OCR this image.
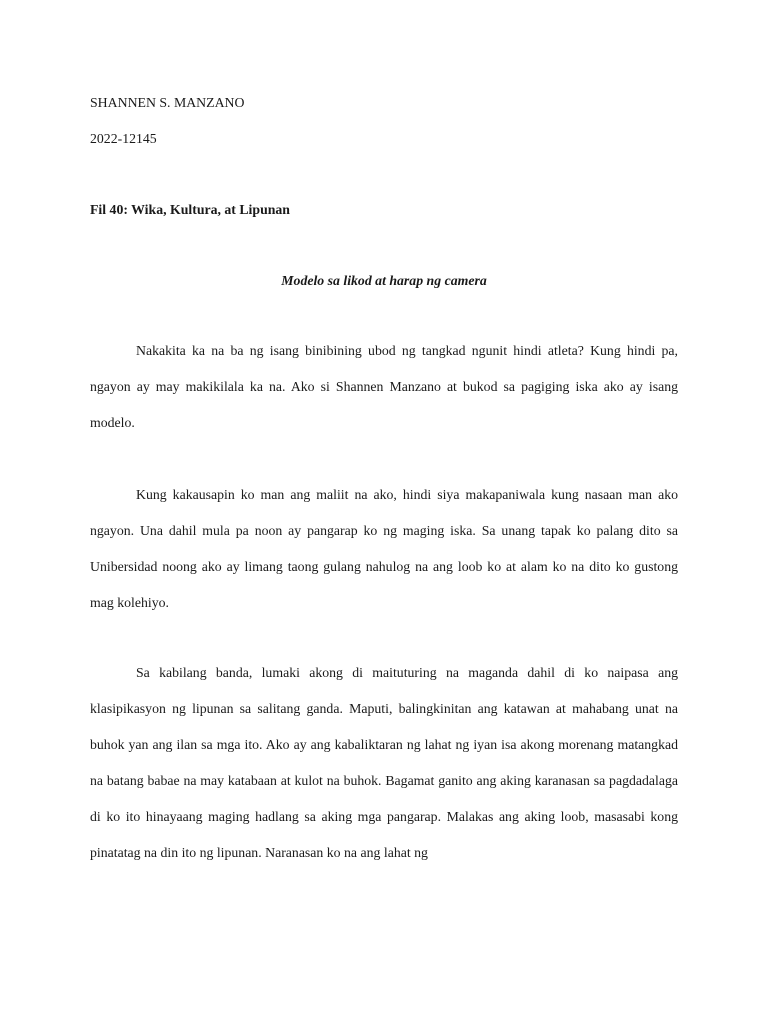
SHANNEN S. MANZANO

2022-12145

Fil 40: Wika, Kultura, at Lipunan

Modelo sa likod at harap ng camera

Nakakita ka na ba ng isang binibining ubod ng tangkad ngunit hindi atleta? Kung hindi pa, ngayon ay may makikilala ka na. Ako si Shannen Manzano at bukod sa pagiging iska ako ay isang modelo.

Kung kakausapin ko man ang maliit na ako, hindi siya makapaniwala kung nasaan man ako ngayon. Una dahil mula pa noon ay pangarap ko ng maging iska. Sa unang tapak ko palang dito sa Unibersidad noong ako ay limang taong gulang nahulog na ang loob ko at alam ko na dito ko gustong mag kolehiyo.

Sa kabilang banda, lumaki akong di maituturing na maganda dahil di ko naipasa ang klasipikasyon ng lipunan sa salitang ganda. Maputi, balingkinitan ang katawan at mahabang unat na buhok yan ang ilan sa mga ito. Ako ay ang kabaliktaran ng lahat ng iyan isa akong morenang matangkad na batang babae na may katabaan at kulot na buhok. Bagamat ganito ang aking karanasan sa pagdadalaga di ko ito hinayaang maging hadlang sa aking mga pangarap. Malakas ang aking loob, masasabi kong pinatatag na din ito ng lipunan. Naranasan ko na ang lahat ng
